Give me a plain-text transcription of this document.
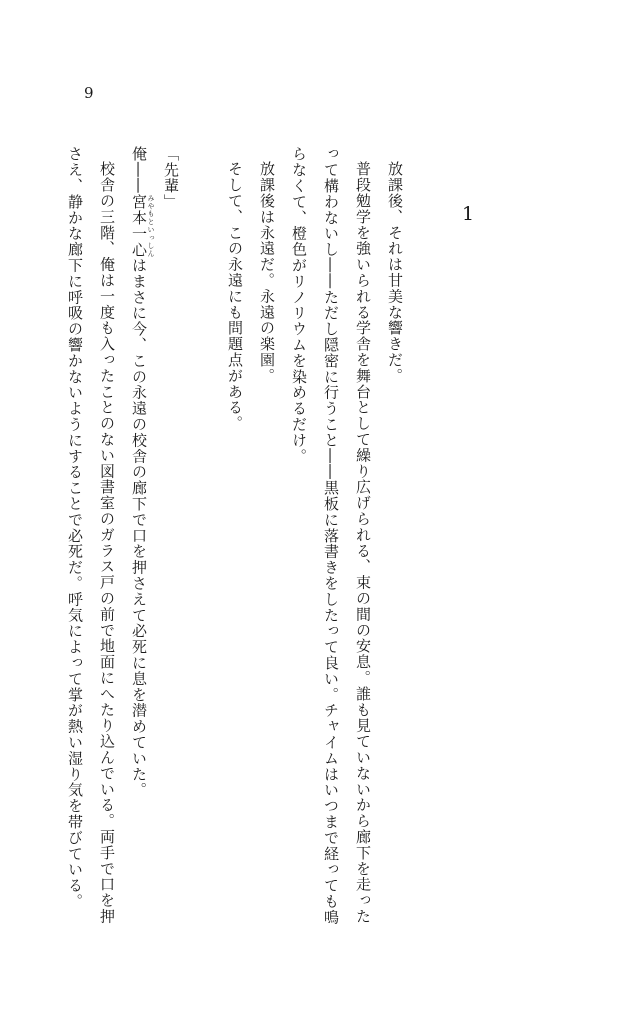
9
1

放課後、それは甘美な響きだ。

普段勉学を強いられる学舎を舞台として繰り広げられる、束の間の安息。誰も見ていないから廊下を走ったって構わないし――ただし隠密に行うこと――黒板に落書きをしたって良い。チャイムはいつまで経っても鳴らなくて、橙色がリノリウムを染めるだけ。

放課後は永遠だ。永遠の楽園。

そして、この永遠にも問題点がある。

「先輩」

俺――宮本 みやもと一心 いっしんはまさに今、この永遠の校舎の廊下で口を押さえて必死に息を潜めていた。

校舎の三階、俺は一度も入ったことのない図書室のガラス戸の前で地面にへたり込んでいる。両手で口を押さえ、静かな廊下に呼吸の響かないようにすることで必死だ。呼気によって掌が熱い湿り気を帯びている。
